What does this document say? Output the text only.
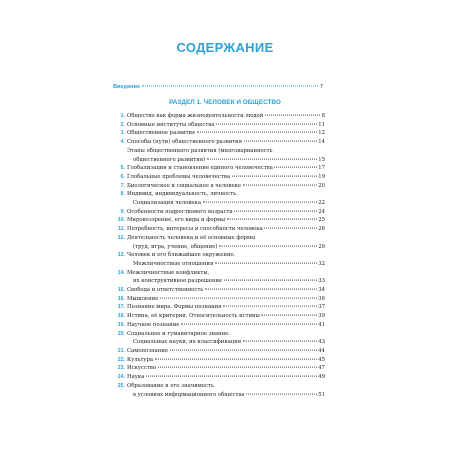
СОДЕРЖАНИЕ
Введение	7
РАЗДЕЛ 1. ЧЕЛОВЕК И ОБЩЕСТВО
1. Общество как форма жизнедеятельности людей	8
2. Основные институты общества	11
3. Общественное развитие	12
4. Способы (пути) общественного развития	14
Этапы общественного развития (многоварианность
общественного развития)	15
5. Глобализация и становление единого человечества	17
6. Глобальные проблемы человечества	19
7. Биологическое и социальное в человеке	20
8. Индивид, индивидуальность, личность.
Социализация человека	22
9. Особенности подросткового возраста	24
10. Мировоззрение, его виды и формы	25
11. Потребность, интересы и способности человека	26
12. Деятельность человека и её основные формы
(труд, игра, учение, общение)	29
13. Человек и его ближайшее окружение.
Межличностные отношения	32
14. Межличностные конфликты,
их конструктивное разрешение	33
15. Свобода и ответственность	34
16. Мышление	36
17. Познание мира. Формы познания	37
18. Истина, её критерии. Относительность истины	39
19. Научное познание	41
20. Социальное и гуманитарное знание.
Социальные науки, их классификация	43
21. Самопознание	44
22. Культура	45
23. Искусство	47
24. Наука	49
25. Образование и его значимость
в условиях информационного общества	51
